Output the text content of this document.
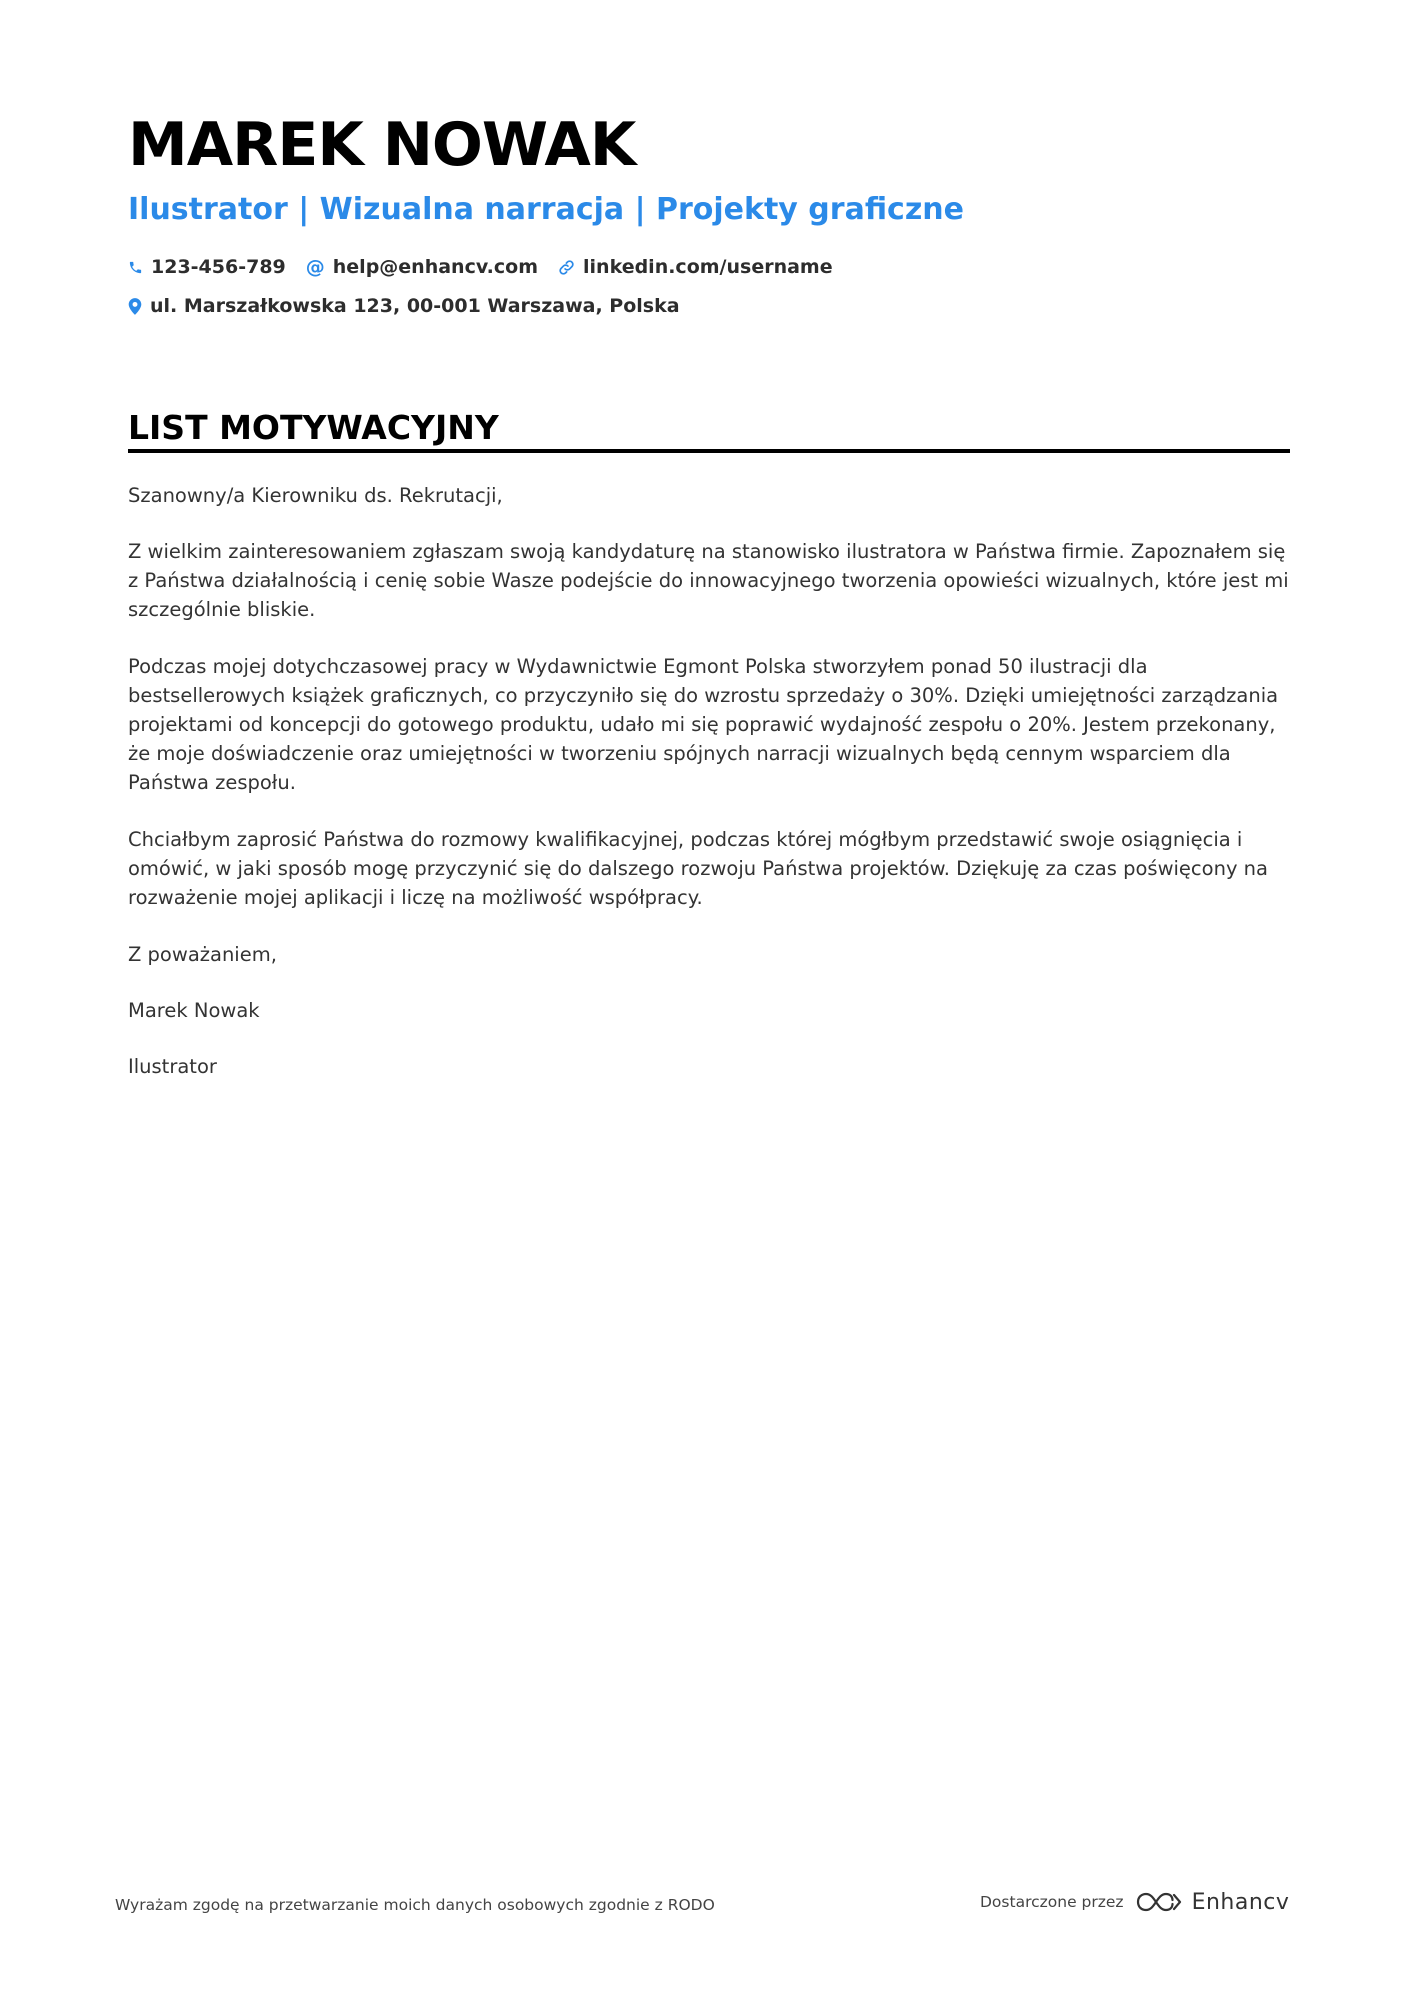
MAREK NOWAK
Ilustrator | Wizualna narracja | Projekty graficzne
123-456-789 @ help@enhancv.com linkedin.com/username
ul. Marszałkowska 123, 00-001 Warszawa, Polska
LIST MOTYWACYJNY

Szanowny/a Kierowniku ds. Rekrutacji,

Z wielkim zainteresowaniem zgłaszam swoją kandydaturę na stanowisko ilustratora w Państwa firmie. Zapoznałem się z Państwa działalnością i cenię sobie Wasze podejście do innowacyjnego tworzenia opowieści wizualnych, które jest mi szczególnie bliskie.

Podczas mojej dotychczasowej pracy w Wydawnictwie Egmont Polska stworzyłem ponad 50 ilustracji dla bestsellerowych książek graficznych, co przyczyniło się do wzrostu sprzedaży o 30%. Dzięki umiejętności zarządzania projektami od koncepcji do gotowego produktu, udało mi się poprawić wydajność zespołu o 20%. Jestem przekonany, że moje doświadczenie oraz umiejętności w tworzeniu spójnych narracji wizualnych będą cennym wsparciem dla Państwa zespołu.

Chciałbym zaprosić Państwa do rozmowy kwalifikacyjnej, podczas której mógłbym przedstawić swoje osiągnięcia i omówić, w jaki sposób mogę przyczynić się do dalszego rozwoju Państwa projektów. Dziękuję za czas poświęcony na rozważenie mojej aplikacji i liczę na możliwość współpracy.

Z poważaniem,

Marek Nowak

Ilustrator

Wyrażam zgodę na przetwarzanie moich danych osobowych zgodnie z RODO	Dostarczone przez	Enhancv
